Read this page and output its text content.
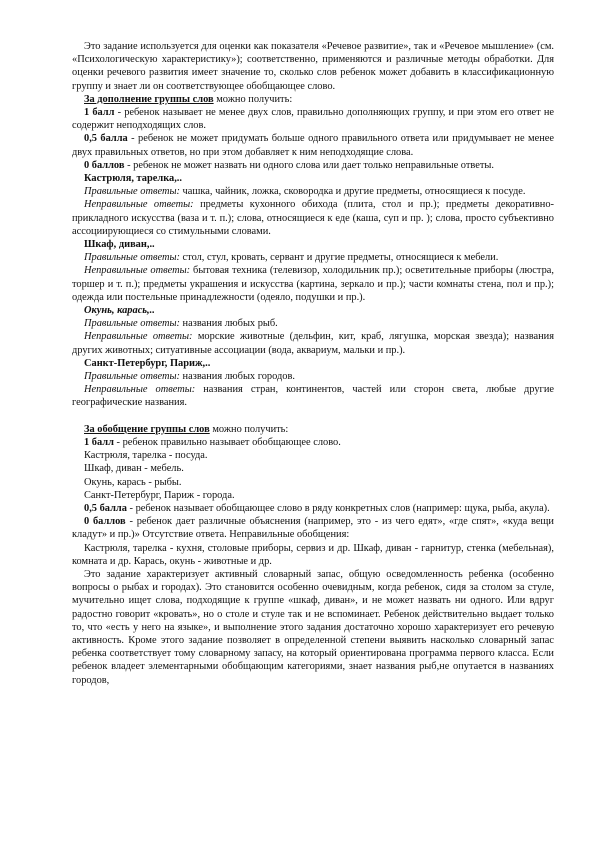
Это задание используется для оценки как показателя «Речевое развитие», так и «Речевое мышление» (см. «Психологическую характеристику»); соответственно, применяются и различные методы обработки. Для оценки речевого развития имеет значение то, сколько слов ребенок может добавить в классификационную группу и знает ли он соответствующее обобщающее слово.

За дополнение группы слов можно получить:

1 балл - ребенок называет не менее двух слов, правильно дополняющих группу, и при этом его ответ не содержит неподходящих слов.

0,5 балла - ребенок не может придумать больше одного правильного ответа или придумывает не менее двух правильных ответов, но при этом добавляет к ним неподходящие слова.

0 баллов - ребенок не может назвать ни одного слова или дает только неправильные ответы.

Кастрюля, тарелка,..

Правильные ответы: чашка, чайник, ложка, сковородка и другие предметы, относящиеся к посуде.

Неправильные ответы: предметы кухонного обихода (плита, стол и пр.); предметы декоративно-прикладного искусства (ваза и т. п.); слова, относящиеся к еде (каша, суп и пр. ); слова, просто субъективно ассоциирующиеся со стимульными словами.

Шкаф, диван,..

Правильные ответы: стол, стул, кровать, сервант и другие предметы, относящиеся к мебели.

Неправильные ответы: бытовая техника (телевизор, холодильник пр.); осветительные приборы (люстра, торшер и т. п.); предметы украшения и искусства (картина, зеркало и пр.); части комнаты стена, пол и пр.); одежда или постельные принадлежности (одеяло, подушки и пр.).

Окунь, карась,..

Правильные ответы: названия любых рыб.

Неправильные ответы: морские животные (дельфин, кит, краб, лягушка, морская звезда); названия других животных; ситуативные ассоциации (вода, аквариум, мальки и пр.).

Санкт-Петербург, Париж,..

Правильные ответы: названия любых городов.

Неправильные ответы: названия стран, континентов, частей или сторон света, любые другие географические названия.

За обобщение группы слов можно получить:

1 балл - ребенок правильно называет обобщающее слово.

Кастрюля, тарелка - посуда.

Шкаф, диван - мебель.

Окунь, карась - рыбы.

Санкт-Петербург, Париж - города.

0,5 балла - ребенок называет обобщающее слово в ряду конкретных слов (например: щука, рыба, акула).

0 баллов - ребенок дает различные объяснения (например, это - из чего едят», «где спят», «куда вещи кладут» и пр.)» Отсутствие ответа. Неправильные обобщения:

Кастрюля, тарелка - кухня, столовые приборы, сервиз и др. Шкаф, диван - гарнитур, стенка (мебельная), комната и др. Карась, окунь - животные и др.

Это задание характеризует активный словарный запас, общую осведомленность ребенка (особенно вопросы о рыбах и городах). Это становится особенно очевидным, когда ребенок, сидя за столом за стуле, мучительно ищет слова, подходящие к группе «шкаф, диван», и не может назвать ни одного. Или вдруг радостно говорит «кровать», но о столе и стуле так и не вспоминает. Ребенок действительно выдает только то, что «есть у него на языке», и выполнение этого задания достаточно хорошо характеризует его речевую активность. Кроме этого задание позволяет в определенной степени выявить насколько словарный запас ребенка соответствует тому словарному запасу, на который ориентирована программа первого класса. Если ребенок владеет элементарными обобщающим категориями, знает названия рыб,не опутается в названиях городов,
